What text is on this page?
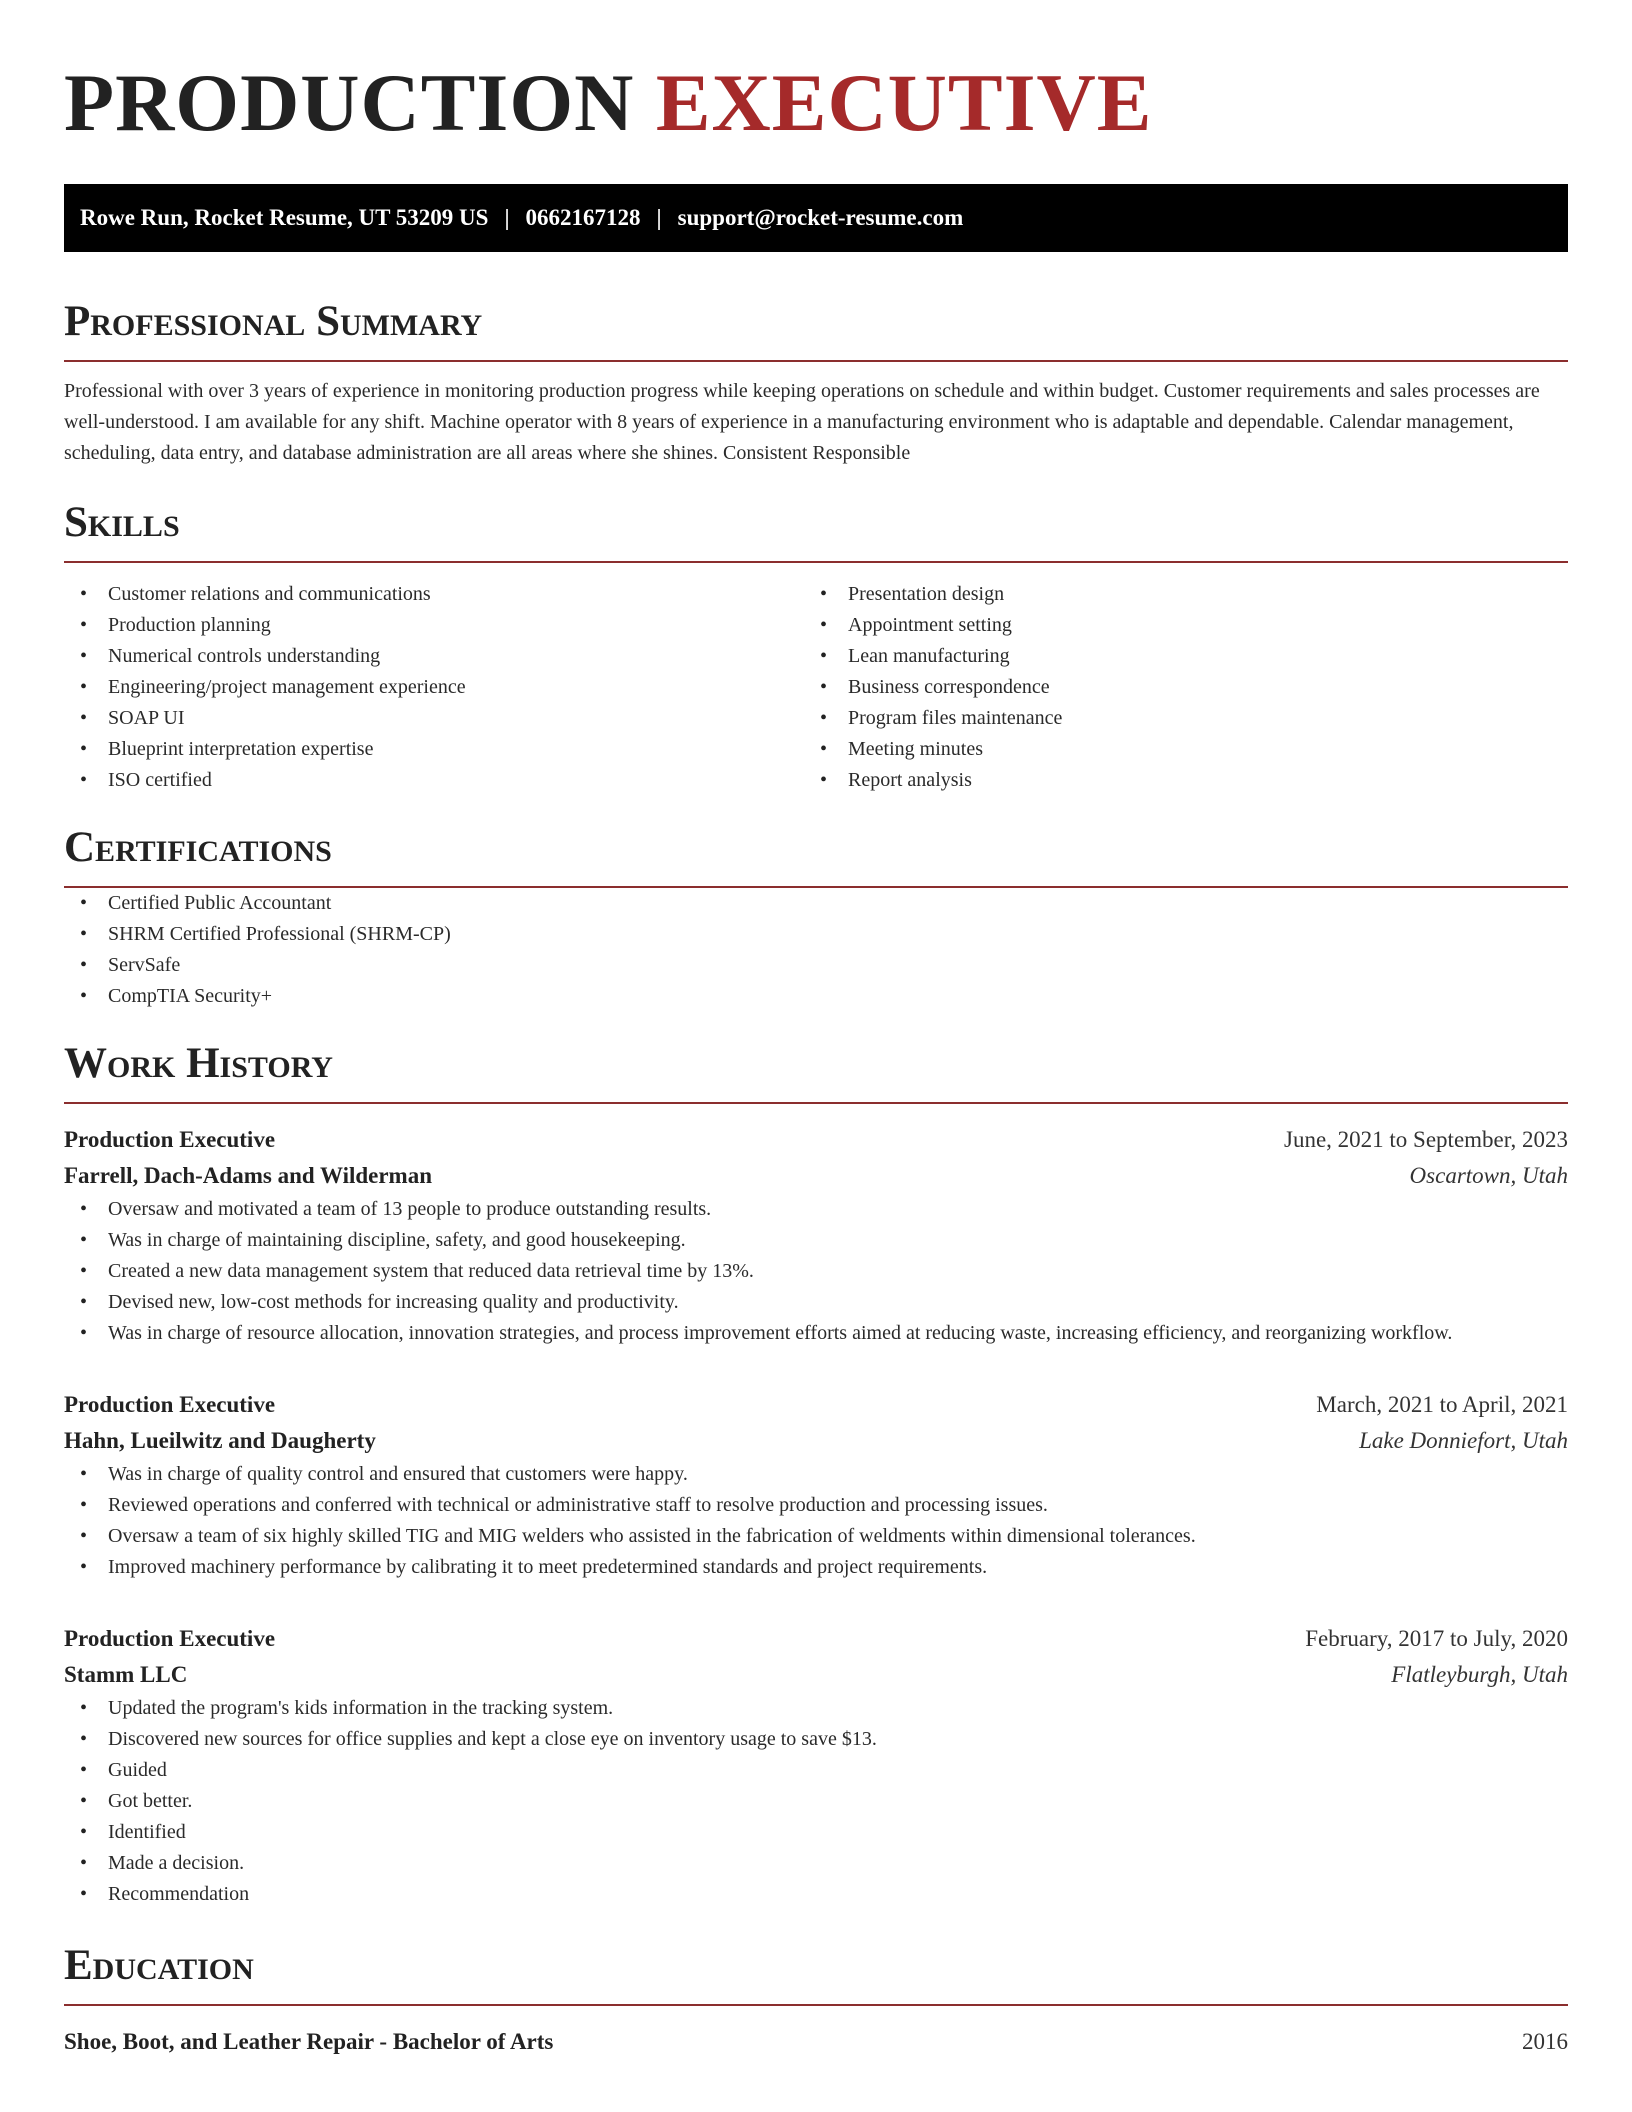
PRODUCTION EXECUTIVE
Rowe Run, Rocket Resume, UT 53209 US | 0662167128 | support@rocket-resume.com
Professional Summary

Professional with over 3 years of experience in monitoring production progress while keeping operations on schedule and within budget. Customer requirements and sales processes are well-understood. I am available for any shift. Machine operator with 8 years of experience in a manufacturing environment who is adaptable and dependable. Calendar management, scheduling, data entry, and database administration are all areas where she shines. Consistent Responsible

Skills
• Customer relations and communications
• Production planning
• Numerical controls understanding
• Engineering/project management experience
• SOAP UI
• Blueprint interpretation expertise
• ISO certified
• Presentation design
• Appointment setting
• Lean manufacturing
• Business correspondence
• Program files maintenance
• Meeting minutes
• Report analysis
Certifications
• Certified Public Accountant
• SHRM Certified Professional (SHRM-CP)
• ServSafe
• CompTIA Security+
Work History
Production Executive	June, 2021 to September, 2023
Farrell, Dach-Adams and Wilderman	Oscartown, Utah
• Oversaw and motivated a team of 13 people to produce outstanding results.
• Was in charge of maintaining discipline, safety, and good housekeeping.
• Created a new data management system that reduced data retrieval time by 13%.
• Devised new, low-cost methods for increasing quality and productivity.
• Was in charge of resource allocation, innovation strategies, and process improvement efforts aimed at reducing waste, increasing efficiency, and reorganizing workflow.
Production Executive	March, 2021 to April, 2021
Hahn, Lueilwitz and Daugherty	Lake Donniefort, Utah
• Was in charge of quality control and ensured that customers were happy.
• Reviewed operations and conferred with technical or administrative staff to resolve production and processing issues.
• Oversaw a team of six highly skilled TIG and MIG welders who assisted in the fabrication of weldments within dimensional tolerances.
• Improved machinery performance by calibrating it to meet predetermined standards and project requirements.
Production Executive	February, 2017 to July, 2020
Stamm LLC	Flatleyburgh, Utah
• Updated the program's kids information in the tracking system.
• Discovered new sources for office supplies and kept a close eye on inventory usage to save $13.
• Guided
• Got better.
• Identified
• Made a decision.
• Recommendation
Education
Shoe, Boot, and Leather Repair - Bachelor of Arts	2016
